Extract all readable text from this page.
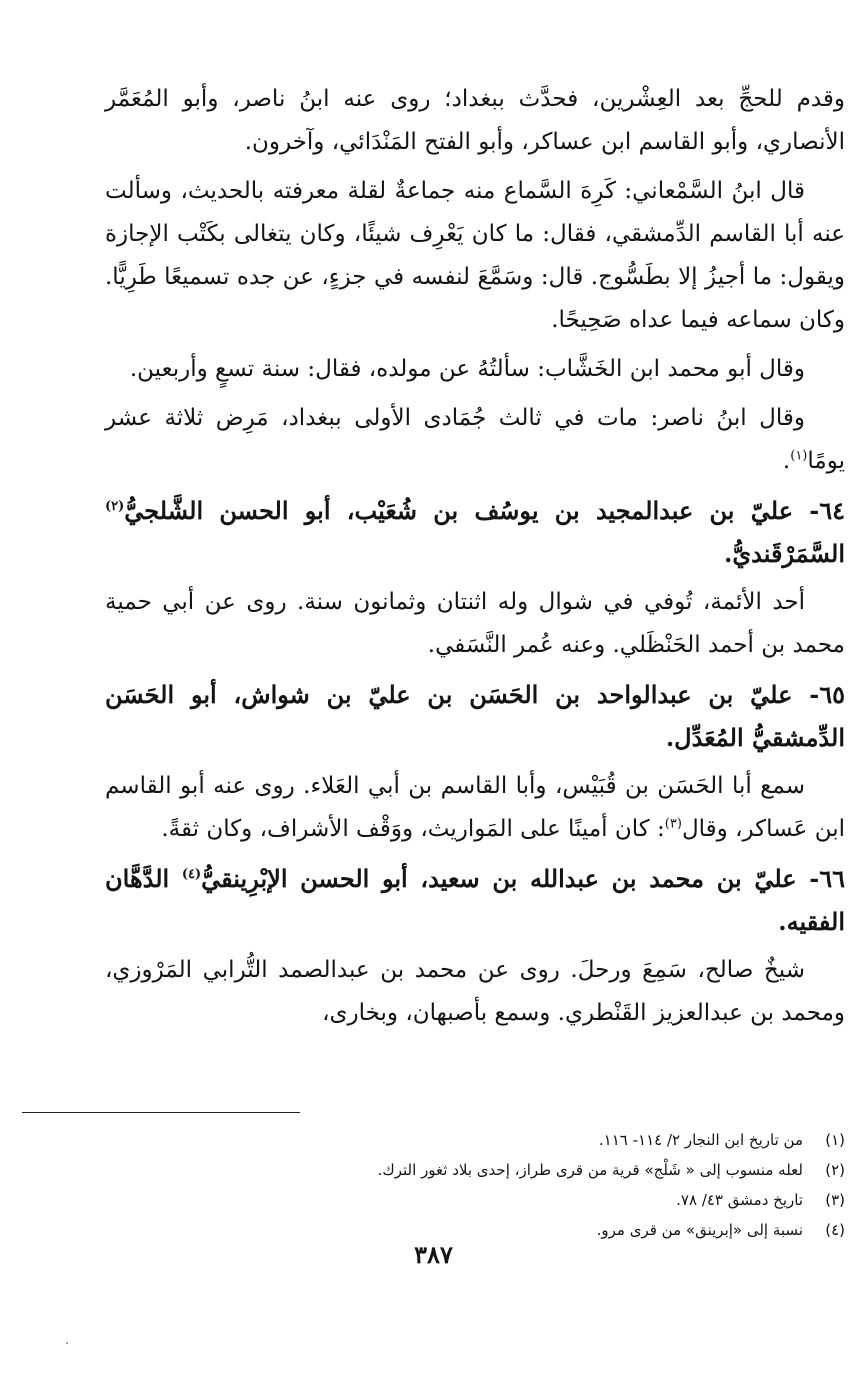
وقدم للحجِّ بعد العِشْرين، فحدَّث ببغداد؛ روى عنه ابنُ ناصر، وأبو المُعَمَّر الأنصاري، وأبو القاسم ابن عساكر، وأبو الفتح المَنْدَائي، وآخرون.

قال ابنُ السَّمْعاني: كَرِهَ السَّماع منه جماعةٌ لقلة معرفته بالحديث، وسألت عنه أبا القاسم الدِّمشقي، فقال: ما كان يَعْرِف شيئًا، وكان يتغالى بكَتْب الإجازة ويقول: ما أجيزُ إلا بطَسُّوج. قال: وسَمَّعَ لنفسه في جزءٍ، عن جده تسميعًا طَرِيًّا. وكان سماعه فيما عداه صَحِيحًا.

وقال أبو محمد ابن الخَشَّاب: سألتُهُ عن مولده، فقال: سنة تسعٍ وأربعين.

وقال ابنُ ناصر: مات في ثالث جُمَادى الأولى ببغداد، مَرِض ثلاثة عشر يومًا$^{(١)}$.

٦٤- عليّ بن عبدالمجيد بن يوسُف بن شُعَيْب، أبو الحسن الشَّلجيُّ$^{(٢)}$ السَّمَرْقَنديُّ.

أحد الأئمة، تُوفي في شوال وله اثنتان وثمانون سنة. روى عن أبي حمية محمد بن أحمد الحَنْظَلي. وعنه عُمر النَّسَفي.

٦٥- عليّ بن عبدالواحد بن الحَسَن بن عليّ بن شواش، أبو الحَسَن الدِّمشقيُّ المُعَدِّل.

سمع أبا الحَسَن بن قُبَيْس، وأبا القاسم بن أبي العَلاء. روى عنه أبو القاسم ابن عَساكر، وقال$^{(٣)}$: كان أمينًا على المَواريث، ووَقْف الأشراف، وكان ثقةً.

٦٦- عليّ بن محمد بن عبدالله بن سعيد، أبو الحسن الإبْرِينقيُّ$^{(٤)}$ الدَّهَّان الفقيه.

شيخٌ صالح، سَمِعَ ورحلَ. روى عن محمد بن عبدالصمد التُّرابي المَرْوزي، ومحمد بن عبدالعزيز القَنْطري. وسمع بأصبهان، وبخارى،

(١)
من تاريخ ابن النجار ٢/ ١١٤- ١١٦.
(٢)
لعله منسوب إلى « شَلْج» قرية من قرى طراز، إحدى بلاد ثغور الترك.
(٣)
تاريخ دمشق ٤٣/ ٧٨.
(٤)
نسبة إلى «إبرينق» من قرى مرو.
٣٨٧
